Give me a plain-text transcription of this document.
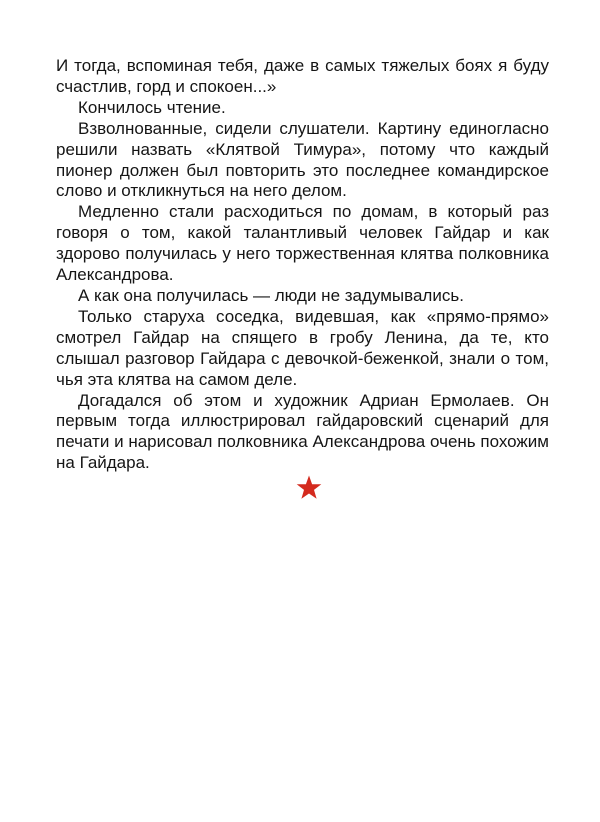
И тогда, вспоминая тебя, даже в самых тяжелых боях я буду счастлив, горд и спокоен...»

Кончилось чтение.

Взволнованные, сидели слушатели. Картину единогласно решили назвать «Клятвой Тимура», потому что каждый пионер должен был повторить это последнее командирское слово и откликнуться на него делом.

Медленно стали расходиться по домам, в который раз говоря о том, какой талантливый человек Гайдар и как здорово получилась у него торжественная клятва полковника Александрова.

А как она получилась — люди не задумывались.

Только старуха соседка, видевшая, как «прямо-прямо» смотрел Гайдар на спящего в гробу Ленина, да те, кто слышал разговор Гайдара с девочкой-беженкой, знали о том, чья эта клятва на самом деле.

Догадался об этом и художник Адриан Ермолаев. Он первым тогда иллюстрировал гайдаровский сценарий для печати и нарисовал полковника Александрова очень похожим на Гайдара.
